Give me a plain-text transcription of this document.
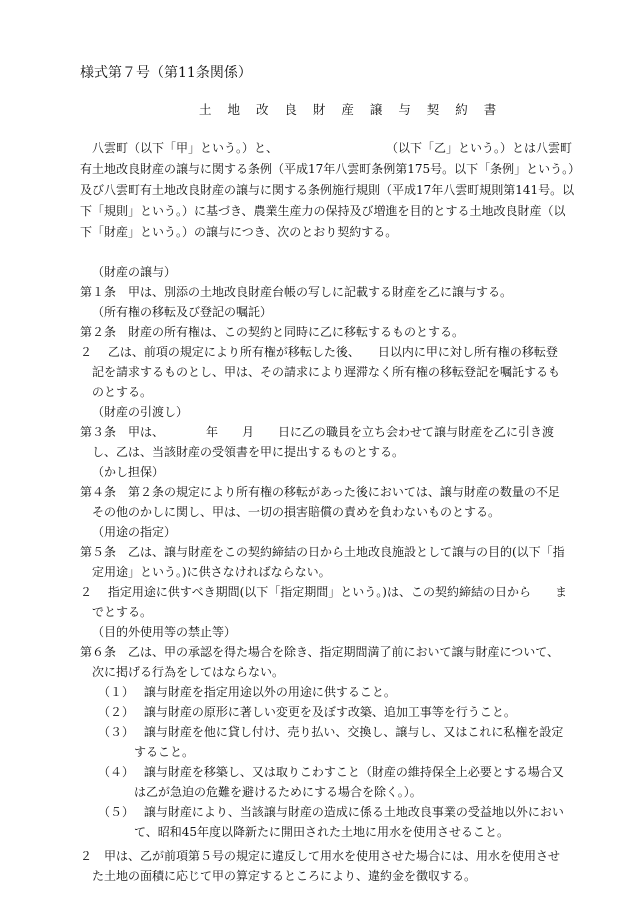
様式第７号（第11条関係）
土 地 改 良 財 産 譲 与 契 約 書
　八雲町（以下「甲」という。）と、　　　　　　　　　　（以下「乙」という。）とは八雲町
有土地改良財産の譲与に関する条例（平成17年八雲町条例第175号。以下「条例」という。）
及び八雲町有土地改良財産の譲与に関する条例施行規則（平成17年八雲町規則第141号。以
下「規則」という。）に基づき、農業生産力の保持及び増進を目的とする土地改良財産（以
下「財産」という。）の譲与につき、次のとおり契約する。
（財産の譲与）
第１条　甲は、別添の土地改良財産台帳の写しに記載する財産を乙に譲与する。
（所有権の移転及び登記の嘱託）
第２条　財産の所有権は、この契約と同時に乙に移転するものとする。
２　 乙は、前項の規定により所有権が移転した後、　　日以内に甲に対し所有権の移転登
記を請求するものとし、甲は、その請求により遅滞なく所有権の移転登記を嘱託するも
のとする。
（財産の引渡し）
第３条　甲は、　　　　年　　月　　日に乙の職員を立ち会わせて譲与財産を乙に引き渡
し、乙は、当該財産の受領書を甲に提出するものとする。
（かし担保）
第４条　第２条の規定により所有権の移転があった後においては、譲与財産の数量の不足
その他のかしに関し、甲は、一切の損害賠償の責めを負わないものとする。
（用途の指定）
第５条　乙は、譲与財産をこの契約締結の日から土地改良施設として譲与の目的(以下「指
定用途」という。)に供さなければならない。
２　 指定用途に供すべき期間(以下「指定期間」という。)は、この契約締結の日から　　ま
でとする。
（目的外使用等の禁止等）
第６条　乙は、甲の承認を得た場合を除き、指定期間満了前において譲与財産について、
次に掲げる行為をしてはならない。
（１）　 譲与財産を指定用途以外の用途に供すること。
（２）　 譲与財産の原形に著しい変更を及ぼす改築、追加工事等を行うこと。
（３）　 譲与財産を他に貸し付け、売り払い、交換し、譲与し、又はこれに私権を設定
すること。
（４）　 譲与財産を移築し、又は取りこわすこと（財産の維持保全上必要とする場合又
は乙が急迫の危難を避けるためにする場合を除く。）。
（５）　 譲与財産により、当該譲与財産の造成に係る土地改良事業の受益地以外におい
て、昭和45年度以降新たに開田された土地に用水を使用させること。
２　甲は、乙が前項第５号の規定に違反して用水を使用させた場合には、用水を使用させ
た土地の面積に応じて甲の算定するところにより、違約金を徴収する。
